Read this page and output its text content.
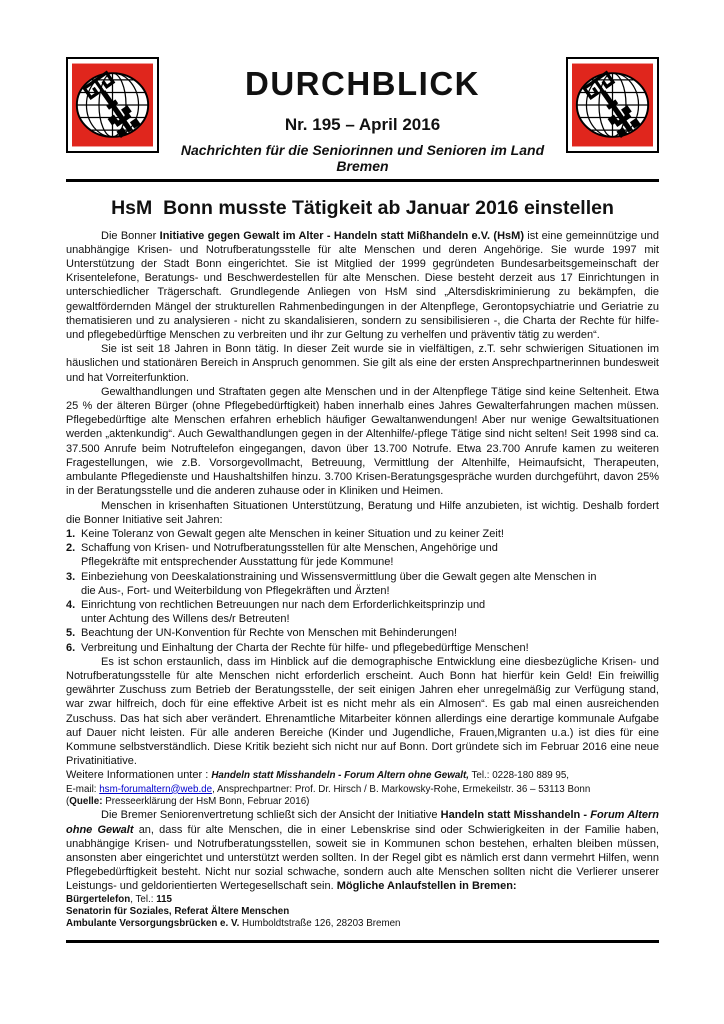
DURCHBLICK
Nr. 195 – April 2016
Nachrichten für die Seniorinnen und Senioren im Land Bremen
HsM  Bonn musste Tätigkeit ab Januar 2016 einstellen
Die Bonner Initiative gegen Gewalt im Alter - Handeln statt Mißhandeln e.V. (HsM) ist eine gemeinnützige und unabhängige Krisen- und Notrufberatungsstelle für alte Menschen und deren Angehörige. Sie wurde 1997 mit Unterstützung der Stadt Bonn eingerichtet. Sie ist Mitglied der 1999 gegründeten Bundesarbeitsgemeinschaft der Krisentelefone, Beratungs- und Beschwerdestellen für alte Menschen. Diese besteht derzeit aus 17 Einrichtungen in unterschiedlicher Trägerschaft. Grundlegende Anliegen von HsM sind „Altersdiskriminierung zu bekämpfen, die gewaltfördernden Mängel der strukturellen Rahmenbedingungen in der Altenpflege, Gerontopsychiatrie und Geriatrie zu thematisieren und zu analysieren - nicht zu skandalisieren, sondern zu sensibilisieren -, die Charta der Rechte für hilfe- und pflegebedürftige Menschen zu verbreiten und ihr zur Geltung zu verhelfen und präventiv tätig zu werden“.
Sie ist seit 18 Jahren in Bonn tätig. In dieser Zeit wurde sie in vielfältigen, z.T. sehr schwierigen Situationen im häuslichen und stationären Bereich in Anspruch genommen. Sie gilt als eine der ersten Ansprechpartnerinnen bundesweit und hat Vorreiterfunktion.
Gewalthandlungen und Straftaten gegen alte Menschen und in der Altenpflege Tätige sind keine Seltenheit. Etwa 25 % der älteren Bürger (ohne Pflegebedürftigkeit) haben innerhalb eines Jahres Gewalterfahrungen machen müssen. Pflegebedürftige alte Menschen erfahren erheblich häufiger Gewaltanwendungen! Aber nur wenige Gewaltsituationen werden „aktenkundig“. Auch Gewalthandlungen gegen in der Altenhilfe/-pflege Tätige sind nicht selten! Seit 1998 sind ca. 37.500 Anrufe beim Notruftelefon eingegangen, davon über 13.700 Notrufe. Etwa 23.700 Anrufe kamen zu weiteren Fragestellungen, wie z.B. Vorsorgevollmacht, Betreuung, Vermittlung der Altenhilfe, Heimaufsicht, Therapeuten, ambulante Pflegedienste und Haushaltshilfen hinzu. 3.700 Krisen-Beratungsgespräche wurden durchgeführt, davon 25% in der Beratungsstelle und die anderen zuhause oder in Kliniken und Heimen.
Menschen in krisenhaften Situationen Unterstützung, Beratung und Hilfe anzubieten, ist wichtig. Deshalb fordert die Bonner Initiative seit Jahren:
1. Keine Toleranz von Gewalt gegen alte Menschen in keiner Situation und zu keiner Zeit!
2. Schaffung von Krisen- und Notrufberatungsstellen für alte Menschen, Angehörige und
Pflegekräfte mit entsprechender Ausstattung für jede Kommune!
3. Einbeziehung von Deeskalationstraining und Wissensvermittlung über die Gewalt gegen alte Menschen in
die Aus-, Fort- und Weiterbildung von Pflegekräften und Ärzten!
4. Einrichtung von rechtlichen Betreuungen nur nach dem Erforderlichkeitsprinzip und
unter Achtung des Willens des/r Betreuten!
5. Beachtung der UN-Konvention für Rechte von Menschen mit Behinderungen!
6. Verbreitung und Einhaltung der Charta der Rechte für hilfe- und pflegebedürftige Menschen!
Es ist schon erstaunlich, dass im Hinblick auf die demographische Entwicklung eine diesbezügliche Krisen- und Notrufberatungsstelle für alte Menschen nicht erforderlich erscheint. Auch Bonn hat hierfür kein Geld! Ein freiwillig gewährter Zuschuss zum Betrieb der Beratungsstelle, der seit einigen Jahren eher unregelmäßig zur Verfügung stand, war zwar hilfreich, doch für eine effektive Arbeit ist es nicht mehr als ein Almosen“. Es gab mal einen ausreichenden Zuschuss. Das hat sich aber verändert. Ehrenamtliche Mitarbeiter können allerdings eine derartige kommunale Aufgabe auf Dauer nicht leisten. Für alle anderen Bereiche (Kinder und Jugendliche, Frauen,Migranten u.a.) ist dies für eine Kommune selbstverständlich. Diese Kritik bezieht sich nicht nur auf Bonn. Dort gründete sich im Februar 2016 eine neue Privatinitiative.
Weitere Informationen unter : Handeln statt Misshandeln - Forum Altern ohne Gewalt, Tel.: 0228-180 889 95,
E-mail: hsm-forumaltern@web.de, Ansprechpartner: Prof. Dr. Hirsch / B. Markowsky-Rohe, Ermekeilstr. 36 – 53113 Bonn
(Quelle: Presseerklärung der HsM Bonn, Februar 2016)
Die Bremer Seniorenvertretung schließt sich der Ansicht der Initiative Handeln statt Misshandeln - Forum Altern ohne Gewalt an, dass für alte Menschen, die in einer Lebenskrise sind oder Schwierigkeiten in der Familie haben, unabhängige Krisen- und Notrufberatungsstellen, soweit sie in Kommunen schon bestehen, erhalten bleiben müssen, ansonsten aber eingerichtet und unterstützt werden sollten. In der Regel gibt es nämlich erst dann vermehrt Hilfen, wenn Pflegebedürftigkeit besteht. Nicht nur sozial schwache, sondern auch alte Menschen sollten nicht die Verlierer unserer Leistungs- und geldorientierten Wertegesellschaft sein. Mögliche Anlaufstellen in Bremen:
Bürgertelefon, Tel.: 115
Senatorin für Soziales, Referat Ältere Menschen
Ambulante Versorgungsbrücken e. V. Humboldtstraße 126, 28203 Bremen
